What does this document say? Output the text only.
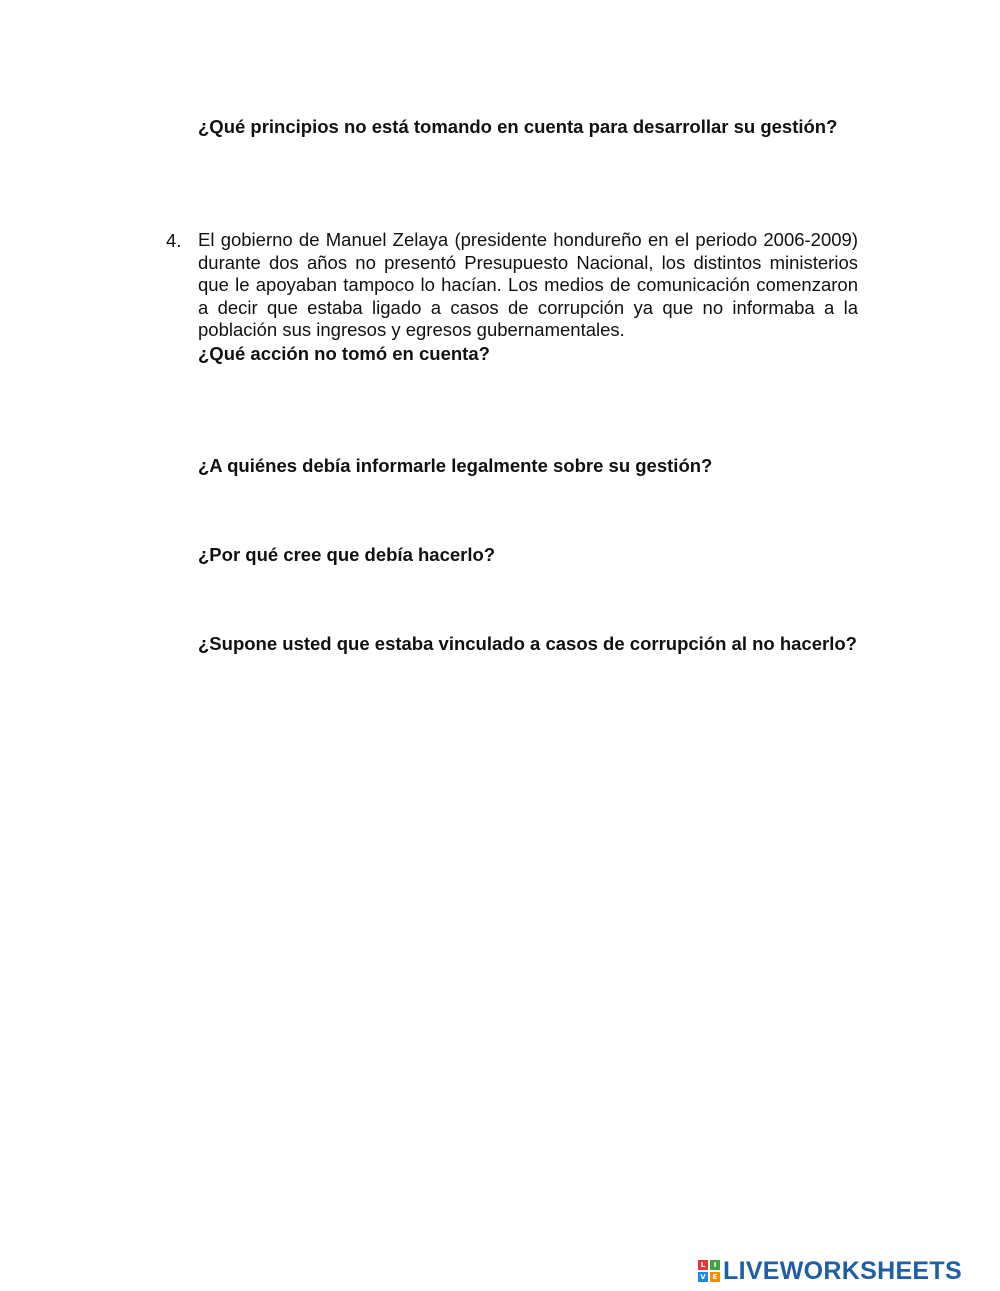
¿Qué principios no está tomando en cuenta para desarrollar su gestión?

4. El gobierno de Manuel Zelaya (presidente hondureño en el periodo 2006-2009) durante dos años no presentó Presupuesto Nacional, los distintos ministerios que le apoyaban tampoco lo hacían. Los medios de comunicación comenzaron a decir que estaba ligado a casos de corrupción ya que no informaba a la población sus ingresos y egresos gubernamentales.
¿Qué acción no tomó en cuenta?

¿A quiénes debía informarle legalmente sobre su gestión?

¿Por qué cree que debía hacerlo?

¿Supone usted que estaba vinculado a casos de corrupción al no hacerlo?

L	I
V E LIVEWORKSHEETS
